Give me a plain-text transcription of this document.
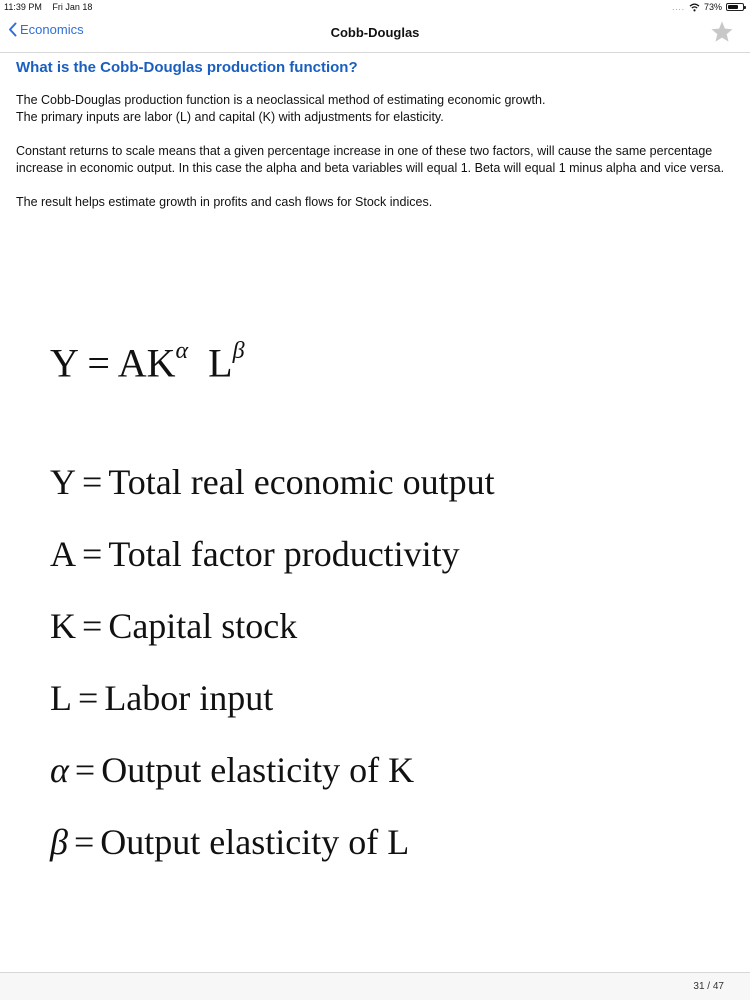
11:39 PM Fri Jan 18	.... 73%
Economics	Cobb-Douglas
What is the Cobb-Douglas production function?

The Cobb-Douglas production function is a neoclassical method of estimating economic growth.
The primary inputs are labor (L) and capital (K) with adjustments for elasticity.

Constant returns to scale means that a given percentage increase in one of these two factors, will cause the same percentage increase in economic output. In this case the alpha and beta variables will equal 1. Beta will equal 1 minus alpha and vice versa.

The result helps estimate growth in profits and cash flows for Stock indices.

$Y = AK^\alpha$ $L^\beta$
Y = Total real economic output
A = Total factor productivity
K = Capital stock
L = Labor input
α = Output elasticity of K
β = Output elasticity of L
31 / 47
